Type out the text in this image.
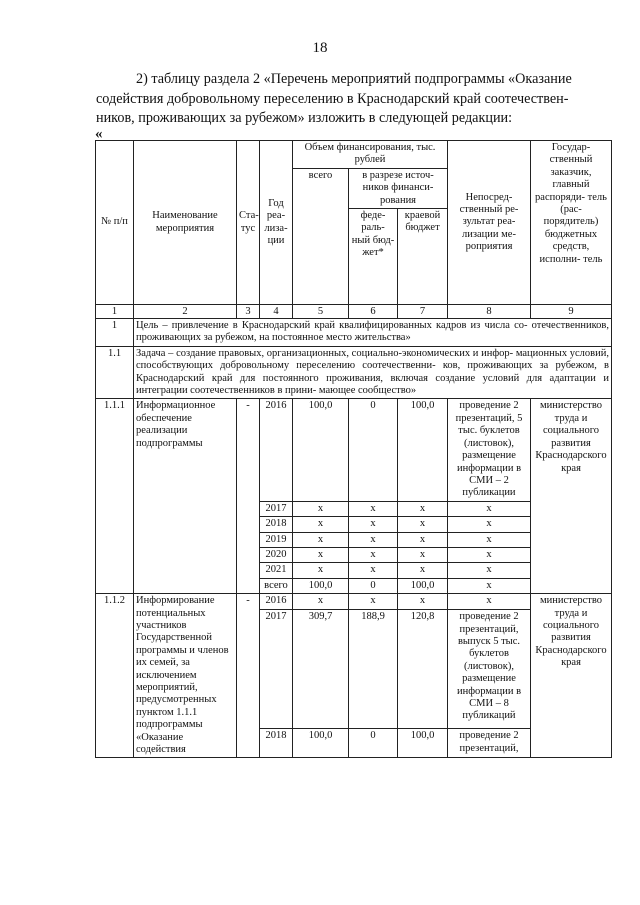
18

2) таблицу раздела 2 «Перечень мероприятий подпрограммы «Оказание
содействия добровольному переселению в Краснодарский край соотечествен-
ников, проживающих за рубежом» изложить в следующей редакции:

«
№ п/п	Наименование мероприятия	Ста- тус	Год реа- лиза- ции	Объем финансирования, тыс. рублей			Непосред- ственный ре- зультат реа- лизации ме- роприятия	Государ- ственный заказчик, главный распоряди- тель (рас- порядитель) бюджетных средств, исполни- тель
				всего	в разрезе источ- ников финанси- рования			
					феде- раль- ный бюд- жет*	краевой бюджет		
1	2	3	4	5	6	7	8	9
1	Цель – привлечение в Краснодарский край квалифицированных кадров из числа со- отечественников, проживающих за рубежом, на постоянное место жительства»							
1.1	Задача – создание правовых, организационных, социально-экономических и инфор- мационных условий, способствующих добровольному переселению соотечественни- ков, проживающих за рубежом, в Краснодарский край для постоянного проживания, включая создание условий для адаптации и интеграции соотечественников в прини- мающее сообщество»							
1.1.1	Информационное обеспечение реализации подпрограммы	-	2016	100,0	0	100,0	проведение 2 презентаций, 5 тыс. буклетов (листовок), размещение информации в СМИ – 2 публикации	министерство труда и социального развития Краснодарского края
			2017	x	x	x	x	
			2018	x	x	x	x	
			2019	x	x	x	x	
			2020	x	x	x	x	
			2021	x	x	x	x	
			всего	100,0	0	100,0	x	
1.1.2	Информирование потенциальных участников Государственной программы и членов их семей, за исключением мероприятий, предусмотренных пунктом 1.1.1 подпрограммы «Оказание содействия	-	2016	x	x	x	x	министерство труда и социального развития Краснодарского края
			2017	309,7	188,9	120,8	проведение 2 презентаций, выпуск 5 тыс. буклетов (листовок), размещение информации в СМИ – 8 публикаций	
			2018	100,0	0	100,0	проведение 2 презентаций,	
